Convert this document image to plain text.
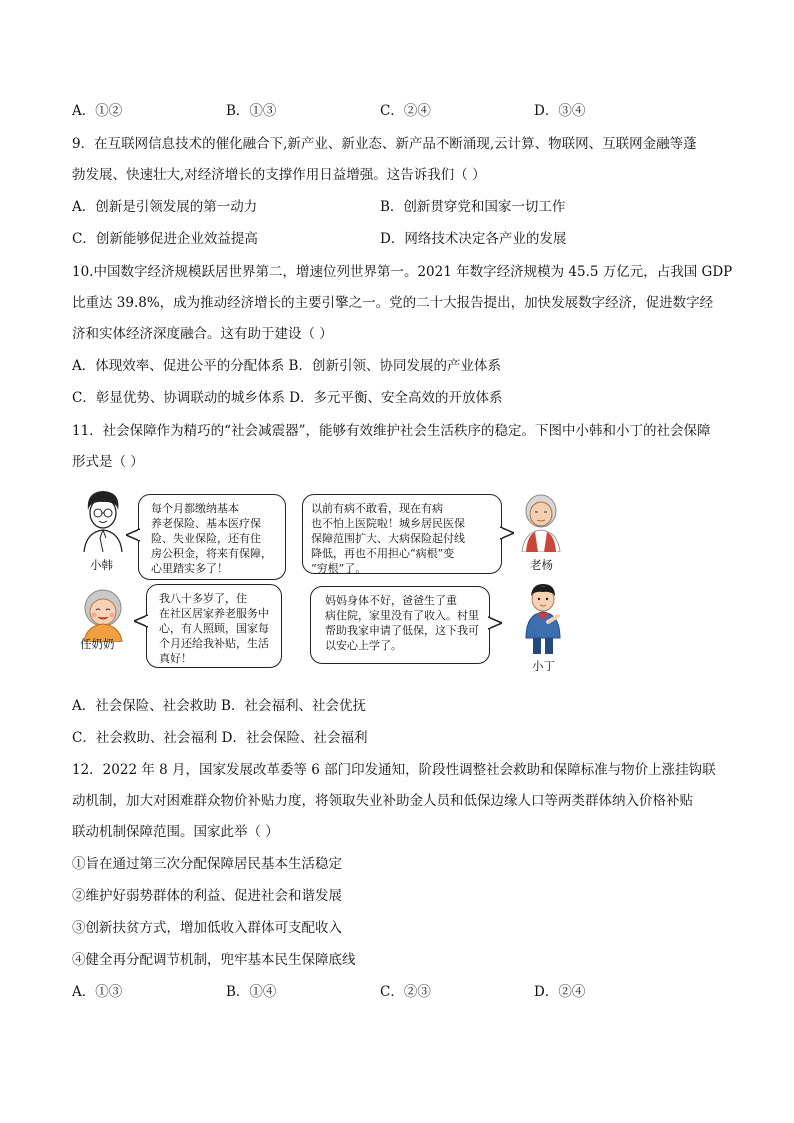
A．①②	B．①③	C．②④	D．③④
9．在互联网信息技术的催化融合下,新产业、新业态、新产品不断涌现,云计算、物联网、互联网金融等蓬
勃发展、快速壮大,对经济增长的支撑作用日益增强。这告诉我们（ ）
A．创新是引领发展的第一动力	B．创新贯穿党和国家一切工作
C．创新能够促进企业效益提高	D．网络技术决定各产业的发展
10.中国数字经济规模跃居世界第二，增速位列世界第一。2021 年数字经济规模为 45.5 万亿元，占我国 GDP
比重达 39.8%，成为推动经济增长的主要引擎之一。党的二十大报告提出，加快发展数字经济，促进数字经
济和实体经济深度融合。这有助于建设（ ）
A．体现效率、促进公平的分配体系 B．创新引领、协同发展的产业体系
C．彰显优势、协调联动的城乡体系 D．多元平衡、安全高效的开放体系
11．社会保障作为精巧的“社会减震器”，能够有效维护社会生活秩序的稳定。下图中小韩和小丁的社会保障
形式是（ ）
小韩	老杨
任奶奶
小丁
每个月都缴纳基本
养老保险、基本医疗保
险、失业保险，还有住
房公积金，将来有保障，
心里踏实多了！
以前有病不敢看，现在有病
也不怕上医院啦！城乡居民医保
保障范围扩大、大病保险起付线
降低，再也不用担心“病根”变
“穷根”了。
我八十多岁了，住
在社区居家养老服务中
心，有人照顾，国家每
个月还给我补贴，生活
真好！
妈妈身体不好，爸爸生了重
病住院，家里没有了收入。村里
帮助我家申请了低保，这下我可
以安心上学了。
A．社会保险、社会救助 B．社会福利、社会优抚
C．社会救助、社会福利 D．社会保险、社会福利
12．2022 年 8 月，国家发展改革委等 6 部门印发通知，阶段性调整社会救助和保障标准与物价上涨挂钩联
动机制，加大对困难群众物价补贴力度，将领取失业补助金人员和低保边缘人口等两类群体纳入价格补贴
联动机制保障范围。国家此举（ ）
①旨在通过第三次分配保障居民基本生活稳定
②维护好弱势群体的利益、促进社会和谐发展
③创新扶贫方式，增加低收入群体可支配收入
④健全再分配调节机制，兜牢基本民生保障底线
A．①③	B．①④	C．②③	D．②④
